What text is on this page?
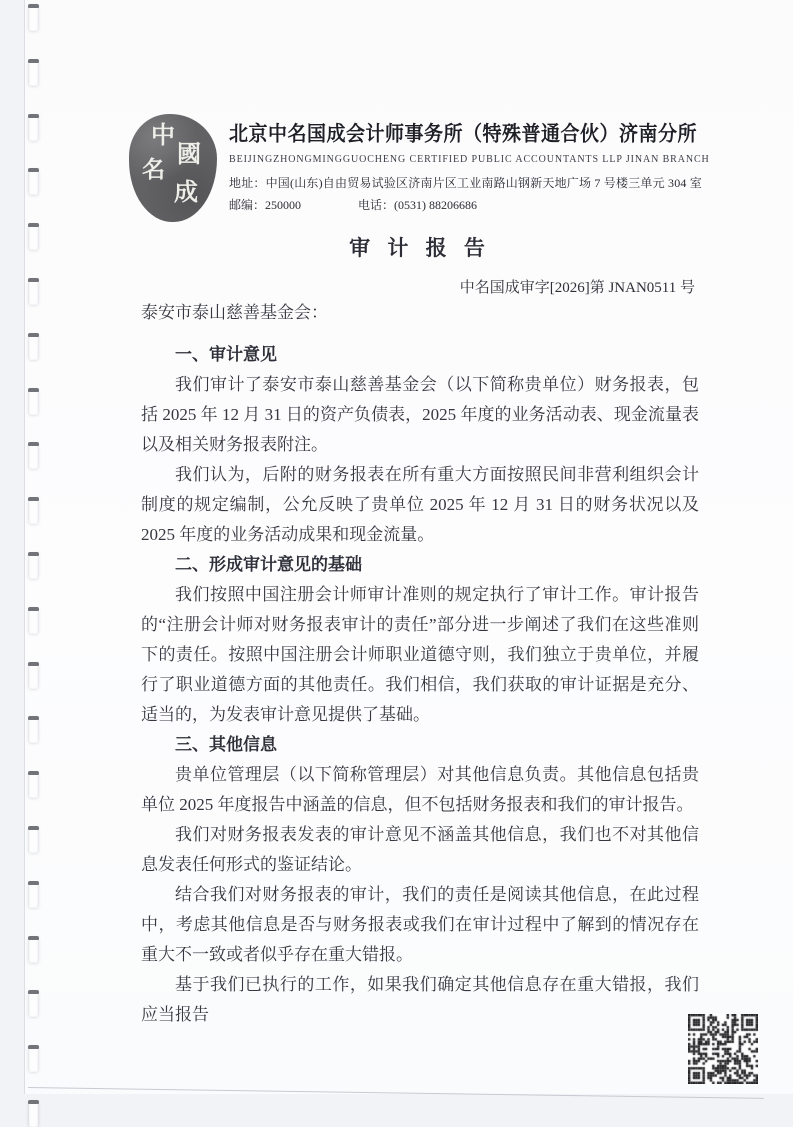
中
名
國
成
北京中名国成会计师事务所（特殊普通合伙）济南分所
BEIJINGZHONGMINGGUOCHENG CERTIFIED PUBLIC ACCOUNTANTS LLP JINAN BRANCH
地址：中国(山东)自由贸易试验区济南片区工业南路山钢新天地广场 7 号楼三单元 304 室
邮编：250000	电话：(0531) 88206686
审 计 报 告
中名国成审字[2026]第 JNAN0511 号

泰安市泰山慈善基金会：

一、审计意见

我们审计了泰安市泰山慈善基金会（以下简称贵单位）财务报表，包括 2025 年 12 月 31 日的资产负债表，2025 年度的业务活动表、现金流量表以及相关财务报表附注。

我们认为，后附的财务报表在所有重大方面按照民间非营利组织会计制度的规定编制，公允反映了贵单位 2025 年 12 月 31 日的财务状况以及 2025 年度的业务活动成果和现金流量。

二、形成审计意见的基础

我们按照中国注册会计师审计准则的规定执行了审计工作。审计报告的“注册会计师对财务报表审计的责任”部分进一步阐述了我们在这些准则下的责任。按照中国注册会计师职业道德守则，我们独立于贵单位，并履行了职业道德方面的其他责任。我们相信，我们获取的审计证据是充分、适当的，为发表审计意见提供了基础。

三、其他信息

贵单位管理层（以下简称管理层）对其他信息负责。其他信息包括贵单位 2025 年度报告中涵盖的信息，但不包括财务报表和我们的审计报告。

我们对财务报表发表的审计意见不涵盖其他信息，我们也不对其他信息发表任何形式的鉴证结论。

结合我们对财务报表的审计，我们的责任是阅读其他信息，在此过程中，考虑其他信息是否与财务报表或我们在审计过程中了解到的情况存在重大不一致或者似乎存在重大错报。

基于我们已执行的工作，如果我们确定其他信息存在重大错报，我们应当报告
